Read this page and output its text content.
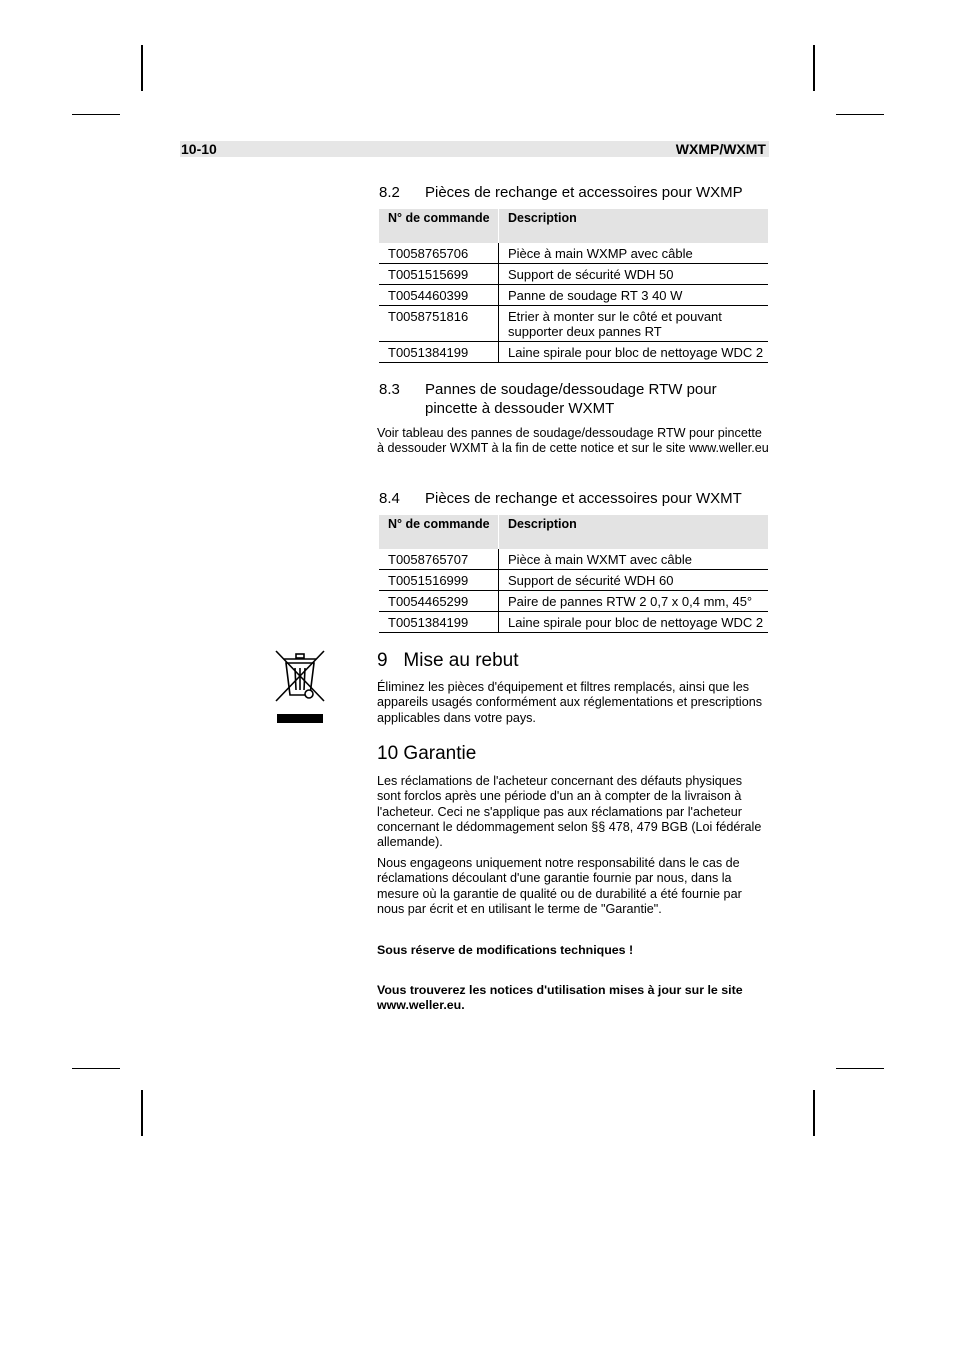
10-10	WXMP/WXMT
8.2 Pièces de rechange et accessoires pour WXMP
N° de commande	Description
T0058765706	Pièce à main WXMP avec câble
T0051515699	Support de sécurité WDH 50
T0054460399	Panne de soudage RT 3 40 W
T0058751816	Etrier à monter sur le côté et pouvant supporter deux pannes RT
T0051384199	Laine spirale pour bloc de nettoyage WDC 2
8.3 Pannes de soudage/dessoudage RTW pour pincette à dessouder WXMT
Voir tableau des pannes de soudage/dessoudage RTW pour pincette à dessouder WXMT à la fin de cette notice et sur le site www.weller.eu
8.4 Pièces de rechange et accessoires pour WXMT
N° de commande	Description
T0058765707	Pièce à main WXMT avec câble
T0051516999	Support de sécurité WDH 60
T0054465299	Paire de pannes RTW 2 0,7 x 0,4 mm, 45°
T0051384199	Laine spirale pour bloc de nettoyage WDC 2
9   Mise au rebut
Éliminez les pièces d'équipement et filtres remplacés, ainsi que les appareils usagés conformément aux réglementations et prescriptions applicables dans votre pays.
10 Garantie
Les réclamations de l'acheteur concernant des défauts physiques sont forclos après une période d'un an à compter de la livraison à l'acheteur. Ceci ne s'applique pas aux réclamations par l'acheteur concernant le dédommagement selon §§ 478, 479 BGB (Loi fédérale allemande).
Nous engageons uniquement notre responsabilité dans le cas de réclamations découlant d'une garantie fournie par nous, dans la mesure où la garantie de qualité ou de durabilité a été fournie par nous par écrit et en utilisant le terme de "Garantie".
Sous réserve de modifications techniques !
Vous trouverez les notices d'utilisation mises à jour sur le site www.weller.eu.
